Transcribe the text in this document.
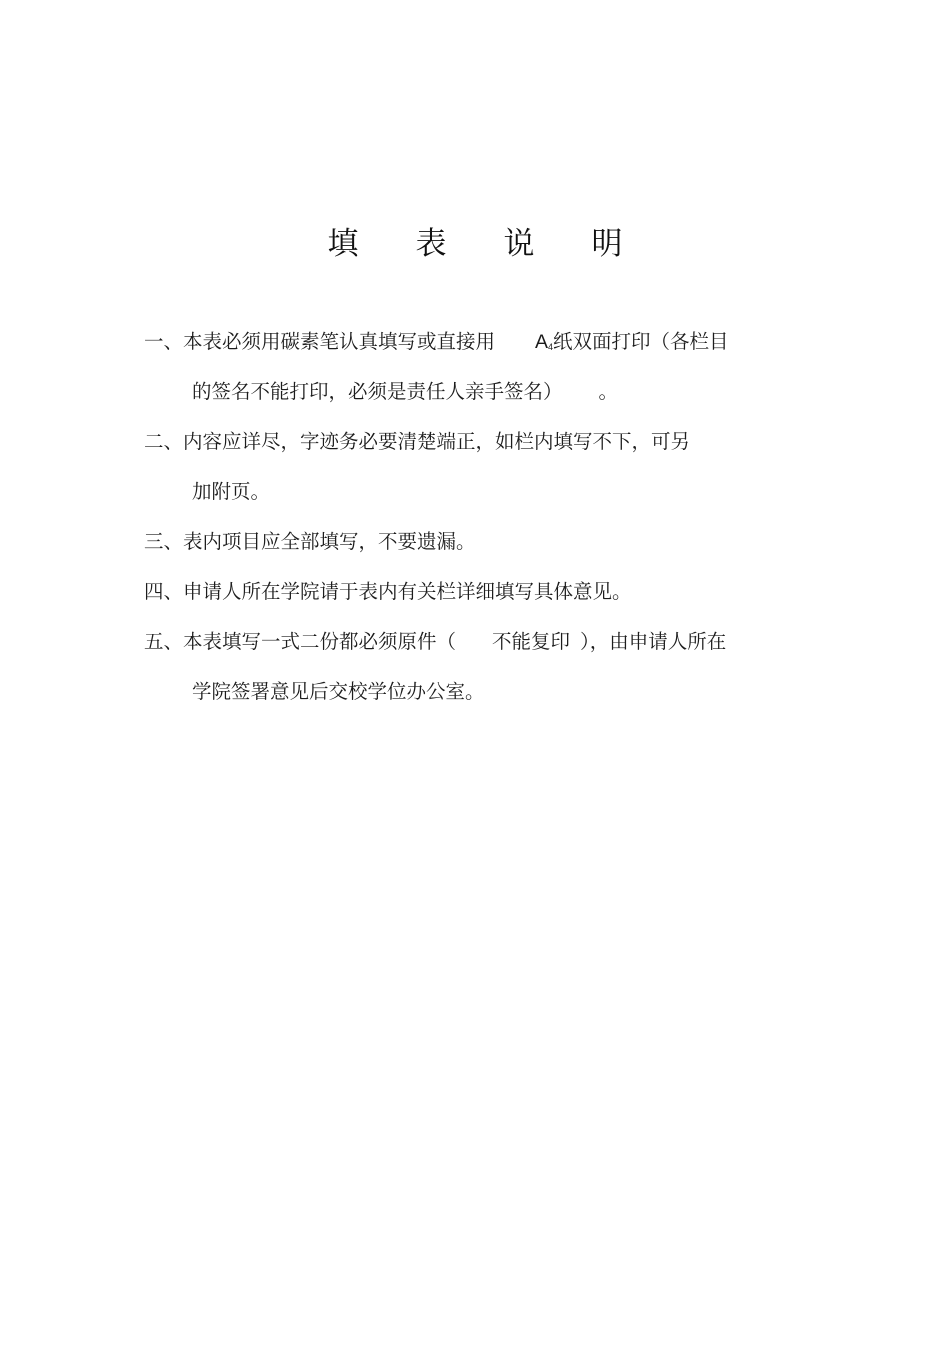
填 表 说 明
一、本表必须用碳素笔认真填写或直接用 $A_4$纸双面打印（各栏目
的签名不能打印，必须是责任人亲手签名） 。
二、内容应详尽，字迹务必要清楚端正，如栏内填写不下，可另
加附页。
三、表内项目应全部填写，不要遗漏。
四、申请人所在学院请于表内有关栏详细填写具体意见。
五、本表填写一式二份都必须原件（ 不能复印 ），由申请人所在
学院签署意见后交校学位办公室。
